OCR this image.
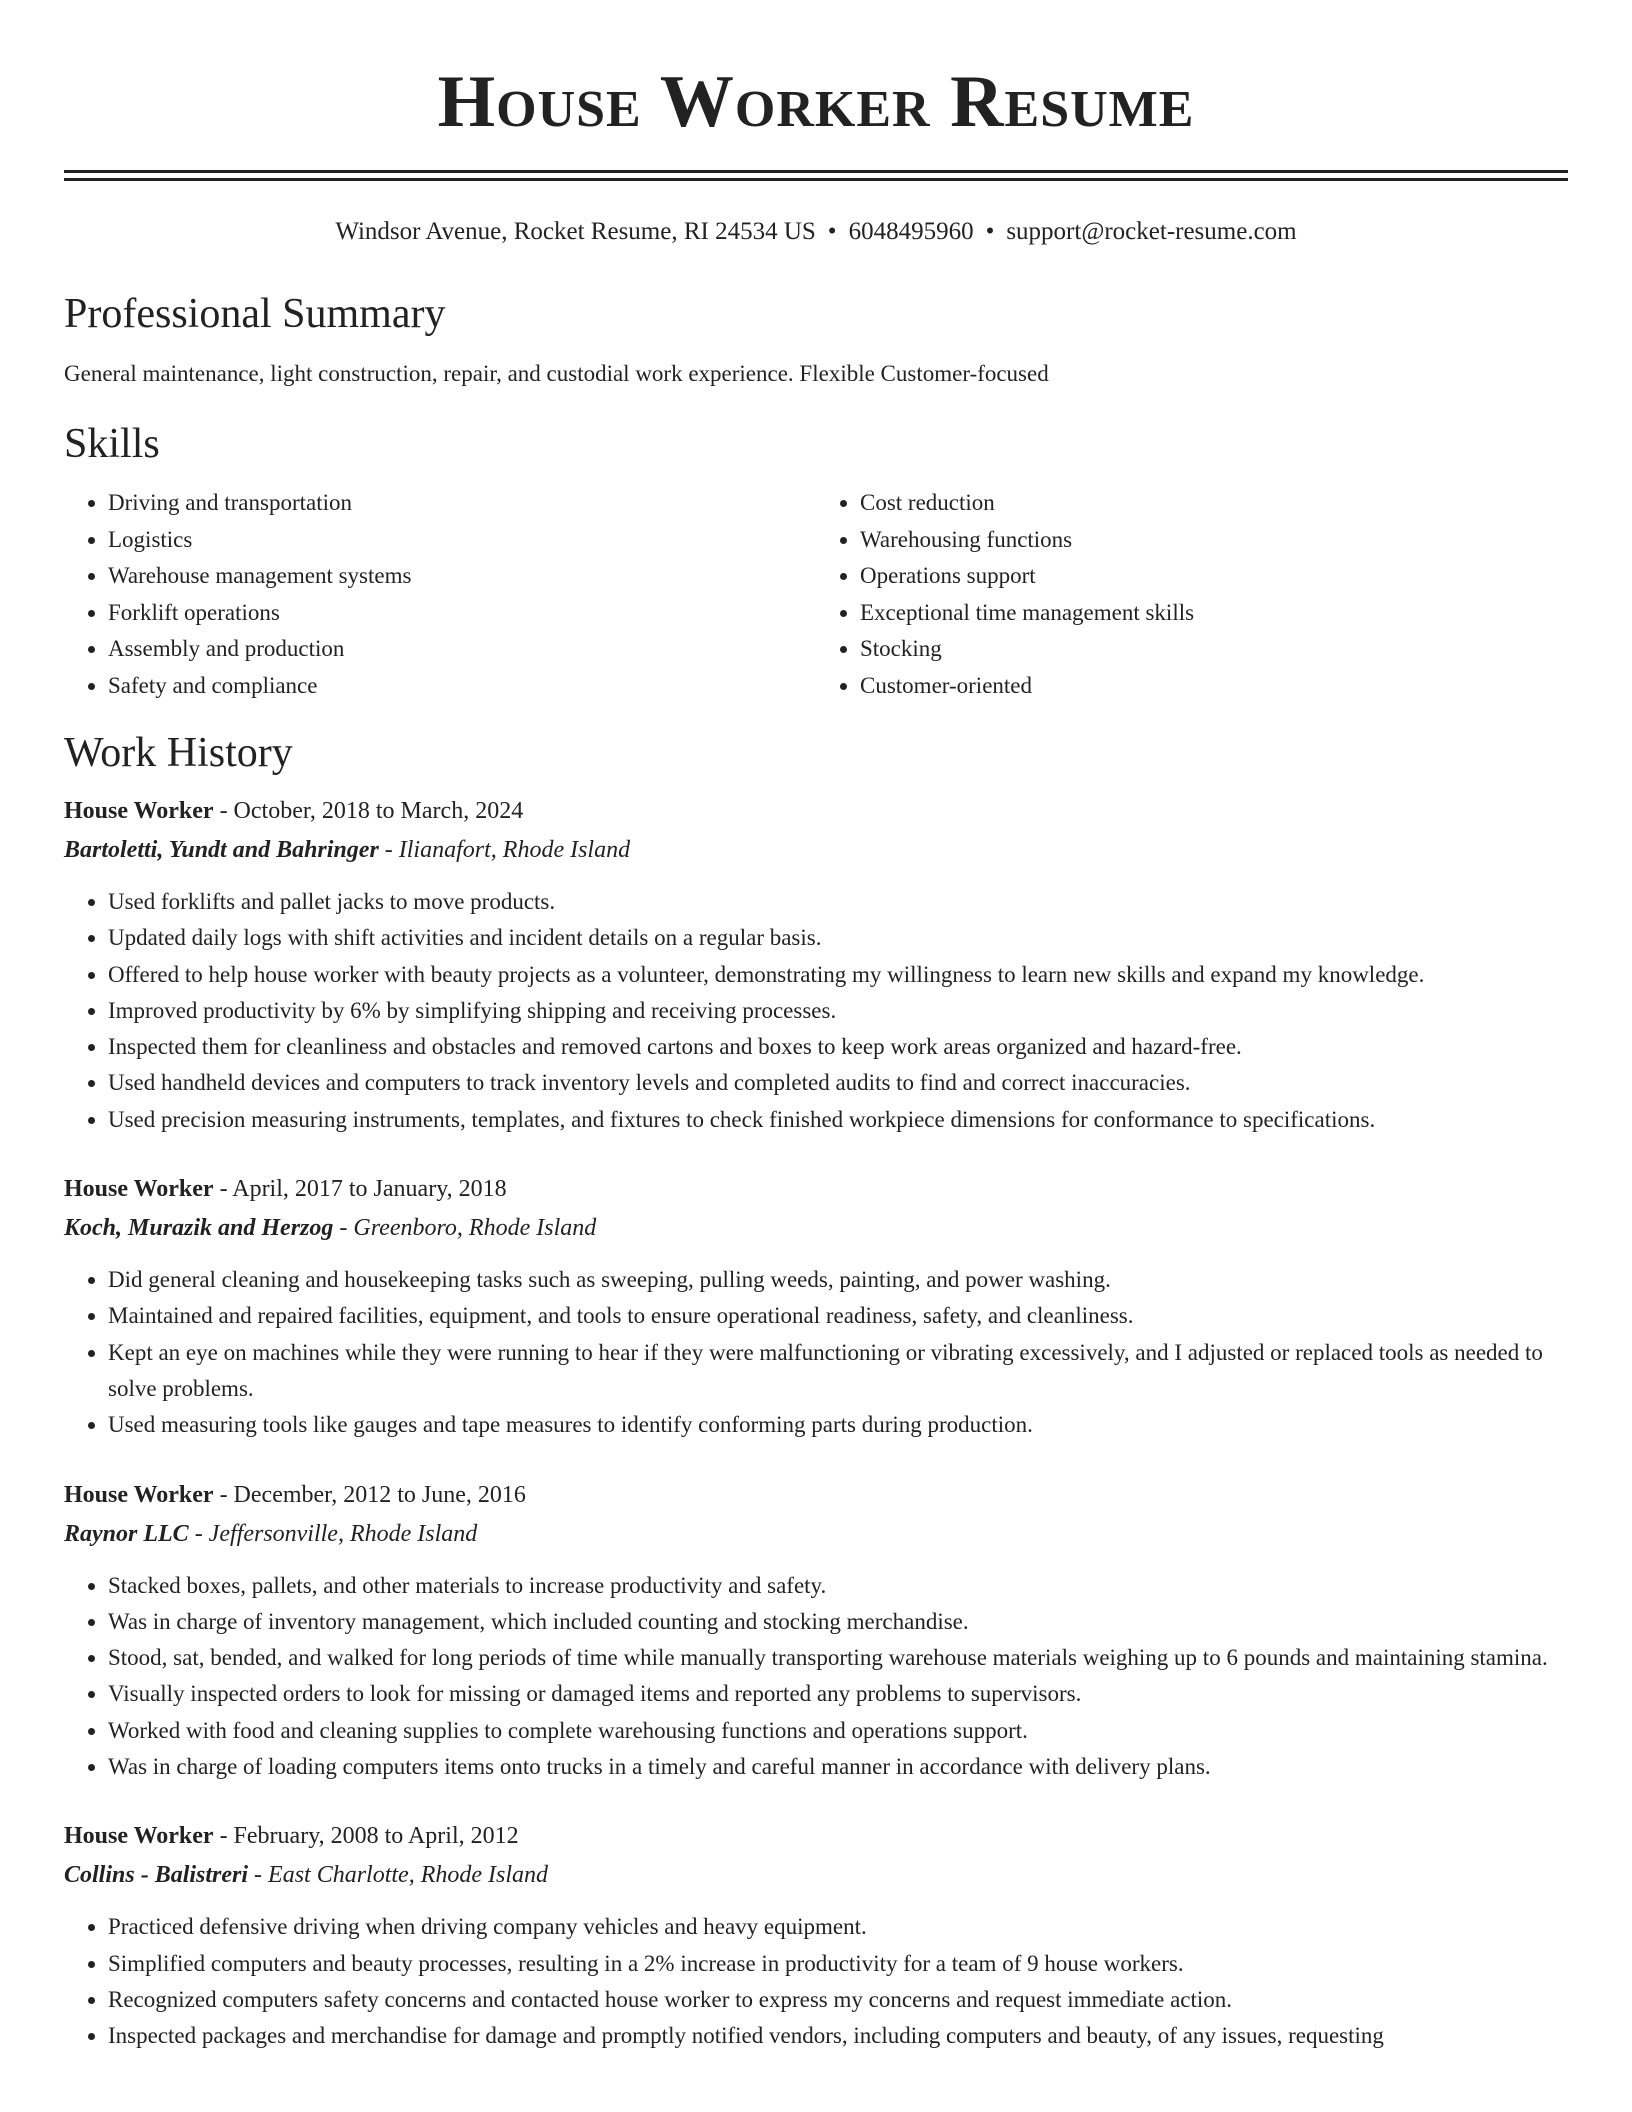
House Worker Resume
Windsor Avenue, Rocket Resume, RI 24534 US • 6048495960 • support@rocket-resume.com
Professional Summary
General maintenance, light construction, repair, and custodial work experience. Flexible Customer-focused
Skills
• Driving and transportation
• Logistics
• Warehouse management systems
• Forklift operations
• Assembly and production
• Safety and compliance
• Cost reduction
• Warehousing functions
• Operations support
• Exceptional time management skills
• Stocking
• Customer-oriented
Work History
House Worker - October, 2018 to March, 2024
Bartoletti, Yundt and Bahringer - Ilianafort, Rhode Island
• Used forklifts and pallet jacks to move products.
• Updated daily logs with shift activities and incident details on a regular basis.
• Offered to help house worker with beauty projects as a volunteer, demonstrating my willingness to learn new skills and expand my knowledge.
• Improved productivity by 6% by simplifying shipping and receiving processes.
• Inspected them for cleanliness and obstacles and removed cartons and boxes to keep work areas organized and hazard-free.
• Used handheld devices and computers to track inventory levels and completed audits to find and correct inaccuracies.
• Used precision measuring instruments, templates, and fixtures to check finished workpiece dimensions for conformance to specifications.
House Worker - April, 2017 to January, 2018
Koch, Murazik and Herzog - Greenboro, Rhode Island
• Did general cleaning and housekeeping tasks such as sweeping, pulling weeds, painting, and power washing.
• Maintained and repaired facilities, equipment, and tools to ensure operational readiness, safety, and cleanliness.
• Kept an eye on machines while they were running to hear if they were malfunctioning or vibrating excessively, and I adjusted or replaced tools as needed to solve problems.
• Used measuring tools like gauges and tape measures to identify conforming parts during production.
House Worker - December, 2012 to June, 2016
Raynor LLC - Jeffersonville, Rhode Island
• Stacked boxes, pallets, and other materials to increase productivity and safety.
• Was in charge of inventory management, which included counting and stocking merchandise.
• Stood, sat, bended, and walked for long periods of time while manually transporting warehouse materials weighing up to 6 pounds and maintaining stamina.
• Visually inspected orders to look for missing or damaged items and reported any problems to supervisors.
• Worked with food and cleaning supplies to complete warehousing functions and operations support.
• Was in charge of loading computers items onto trucks in a timely and careful manner in accordance with delivery plans.
House Worker - February, 2008 to April, 2012
Collins - Balistreri - East Charlotte, Rhode Island
• Practiced defensive driving when driving company vehicles and heavy equipment.
• Simplified computers and beauty processes, resulting in a 2% increase in productivity for a team of 9 house workers.
• Recognized computers safety concerns and contacted house worker to express my concerns and request immediate action.
• Inspected packages and merchandise for damage and promptly notified vendors, including computers and beauty, of any issues, requesting
